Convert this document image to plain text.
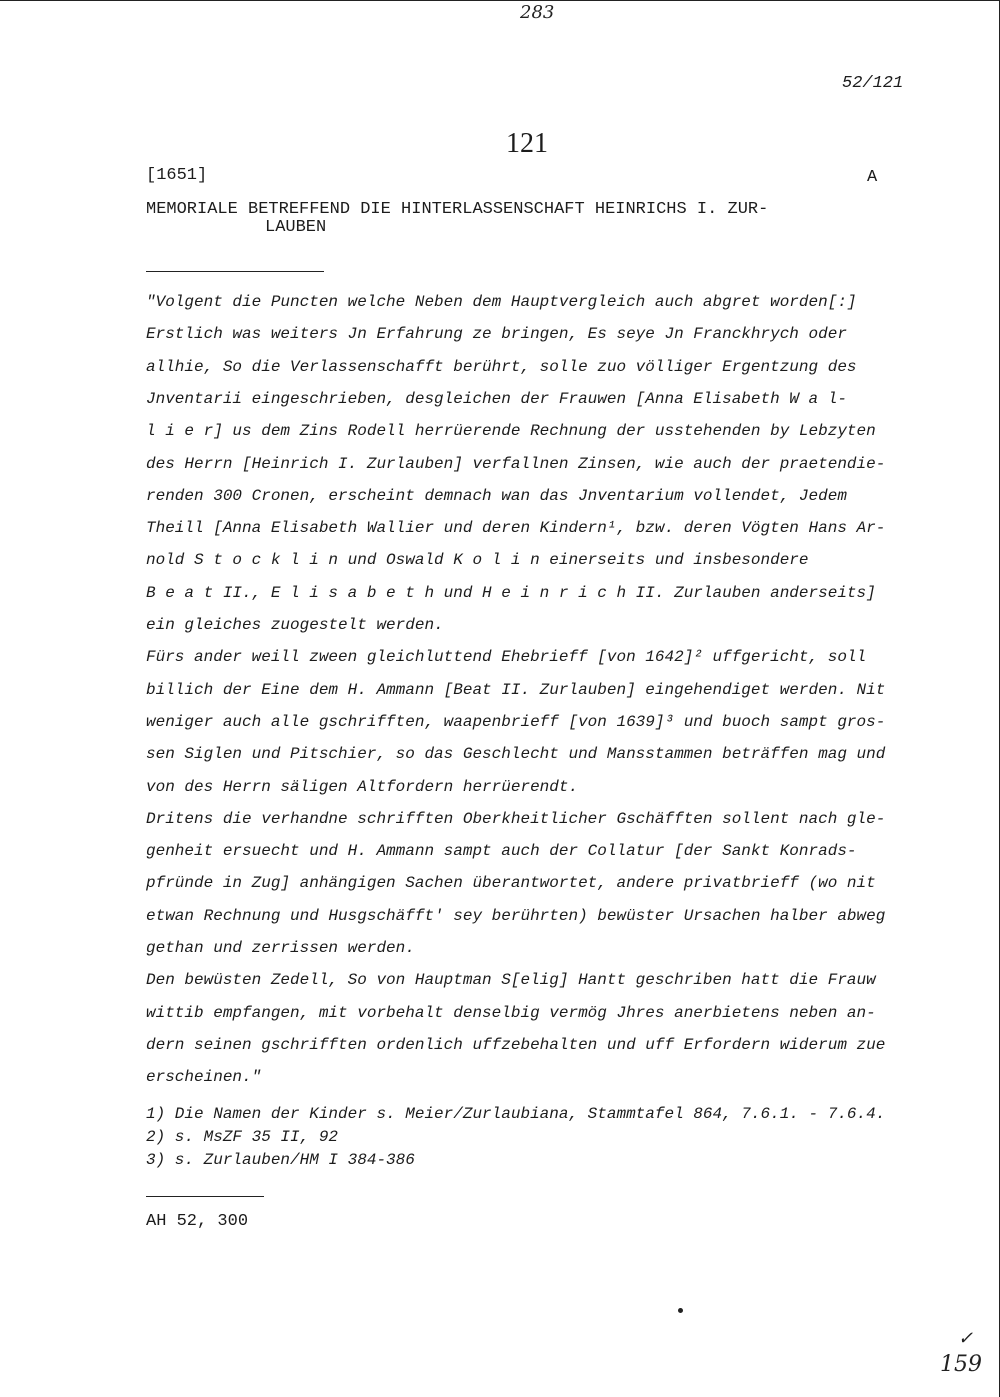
283
52/121
121
[1651]	A
MEMORIALE BETREFFEND DIE HINTERLASSENSCHAFT HEINRICHS I. ZUR-
LAUBEN
"Volgent die Puncten welche Neben dem Hauptvergleich auch abgret worden[:]
Erstlich was weiters Jn Erfahrung ze bringen, Es seye Jn Franckhrych oder
allhie, So die Verlassenschafft berührt, solle zuo völliger Ergentzung des
Jnventarii eingeschrieben, desgleichen der Frauwen [Anna Elisabeth W a l-
l i e r] us dem Zins Rodell herrüerende Rechnung der usstehenden by Lebzyten
des Herrn [Heinrich I. Zurlauben] verfallnen Zinsen, wie auch der praetendie-
renden 300 Cronen, erscheint demnach wan das Jnventarium vollendet, Jedem
Theill [Anna Elisabeth Wallier und deren Kindern¹, bzw. deren Vögten Hans Ar-
nold S t o c k l i n und Oswald K o l i n einerseits und insbesondere
B e a t II., E l i s a b e t h und H e i n r i c h II. Zurlauben anderseits]
ein gleiches zuogestelt werden.
Fürs ander weill zween gleichluttend Ehebrieff [von 1642]² uffgericht, soll
billich der Eine dem H. Ammann [Beat II. Zurlauben] eingehendiget werden. Nit
weniger auch alle gschrifften, waapenbrieff [von 1639]³ und buoch sampt gros-
sen Siglen und Pitschier, so das Geschlecht und Mansstammen beträffen mag und
von des Herrn säligen Altfordern herrüerendt.
Dritens die verhandne schrifften Oberkheitlicher Gschäfften sollent nach gle-
genheit ersuecht und H. Ammann sampt auch der Collatur [der Sankt Konrads-
pfründe in Zug] anhängigen Sachen überantwortet, andere privatbrieff (wo nit
etwan Rechnung und Husgschäfft' sey berührten) bewüster Ursachen halber abweg
gethan und zerrissen werden.
Den bewüsten Zedell, So von Hauptman S[elig] Hantt geschriben hatt die Frauw
wittib empfangen, mit vorbehalt denselbig vermög Jhres anerbietens neben an-
dern seinen gschrifften ordenlich uffzebehalten und uff Erfordern widerum zue
erscheinen."
1) Die Namen der Kinder s. Meier/Zurlaubiana, Stammtafel 864, 7.6.1. - 7.6.4.
2) s. MsZF 35 II, 92
3) s. Zurlauben/HM I 384-386
AH 52, 300
✓
159
